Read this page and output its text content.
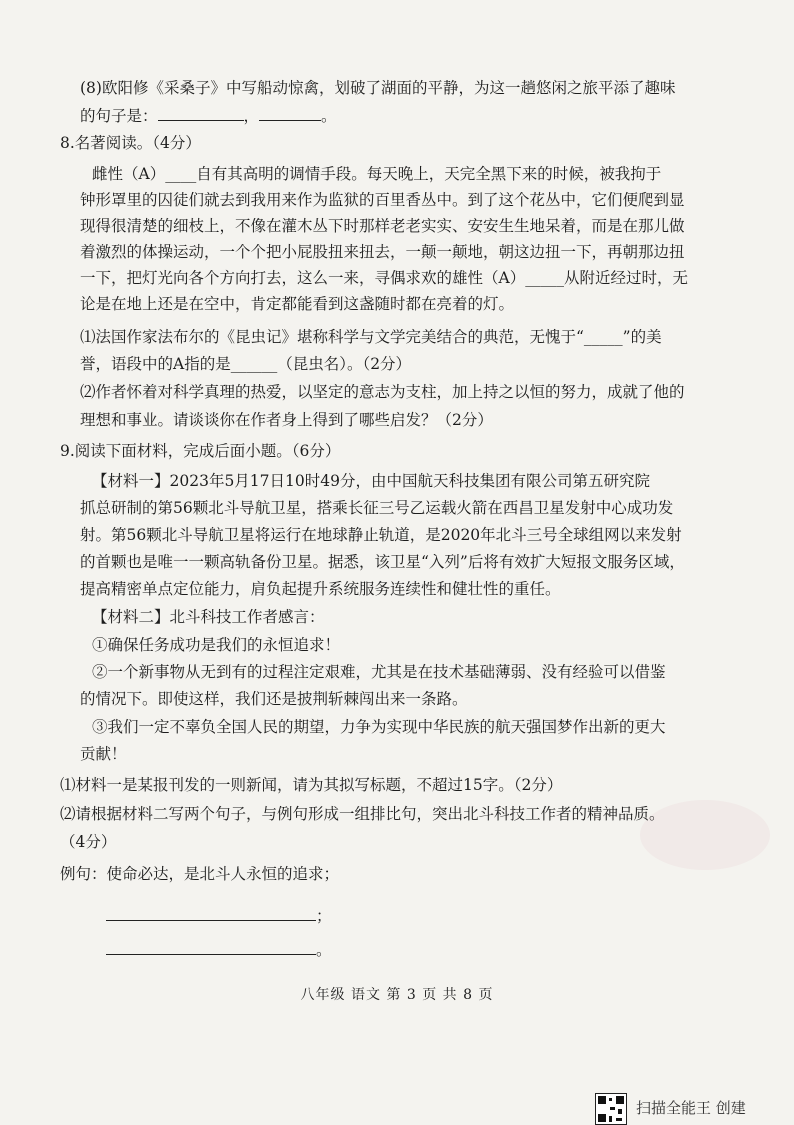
(8)欧阳修《采桑子》中写船动惊禽，划破了湖面的平静，为这一趟悠闲之旅平添了趣味
的句子是：	，	。
8.名著阅读。（4分）
雌性（A）____自有其高明的调情手段。每天晚上，天完全黑下来的时候，被我拘于
钟形罩里的囚徒们就去到我用来作为监狱的百里香丛中。到了这个花丛中，它们便爬到显
现得很清楚的细枝上，不像在灌木丛下时那样老老实实、安安生生地呆着，而是在那儿做
着激烈的体操运动，一个个把小屁股扭来扭去，一颠一颠地，朝这边扭一下，再朝那边扭
一下，把灯光向各个方向打去，这么一来，寻偶求欢的雄性（A）_____从附近经过时，无
论是在地上还是在空中，肯定都能看到这盏随时都在亮着的灯。
⑴法国作家法布尔的《昆虫记》堪称科学与文学完美结合的典范，无愧于“_____”的美
誉，语段中的A指的是______（昆虫名）。（2分）
⑵作者怀着对科学真理的热爱，以坚定的意志为支柱，加上持之以恒的努力，成就了他的
理想和事业。请谈谈你在作者身上得到了哪些启发？（2分）
9.阅读下面材料，完成后面小题。（6分）
【材料一】2023年5月17日10时49分，由中国航天科技集团有限公司第五研究院
抓总研制的第56颗北斗导航卫星，搭乘长征三号乙运载火箭在西昌卫星发射中心成功发
射。第56颗北斗导航卫星将运行在地球静止轨道，是2020年北斗三号全球组网以来发射
的首颗也是唯一一颗高轨备份卫星。据悉，该卫星“入列”后将有效扩大短报文服务区域，
提高精密单点定位能力，肩负起提升系统服务连续性和健壮性的重任。
【材料二】北斗科技工作者感言：
①确保任务成功是我们的永恒追求！
②一个新事物从无到有的过程注定艰难，尤其是在技术基础薄弱、没有经验可以借鉴
的情况下。即使这样，我们还是披荆斩棘闯出来一条路。
③我们一定不辜负全国人民的期望，力争为实现中华民族的航天强国梦作出新的更大
贡献！
⑴材料一是某报刊发的一则新闻，请为其拟写标题，不超过15字。（2分）
⑵请根据材料二写两个句子，与例句形成一组排比句，突出北斗科技工作者的精神品质。
（4分）
例句：使命必达，是北斗人永恒的追求；
；
。
八年级 语文 第 3 页 共 8 页
扫描全能王 创建
